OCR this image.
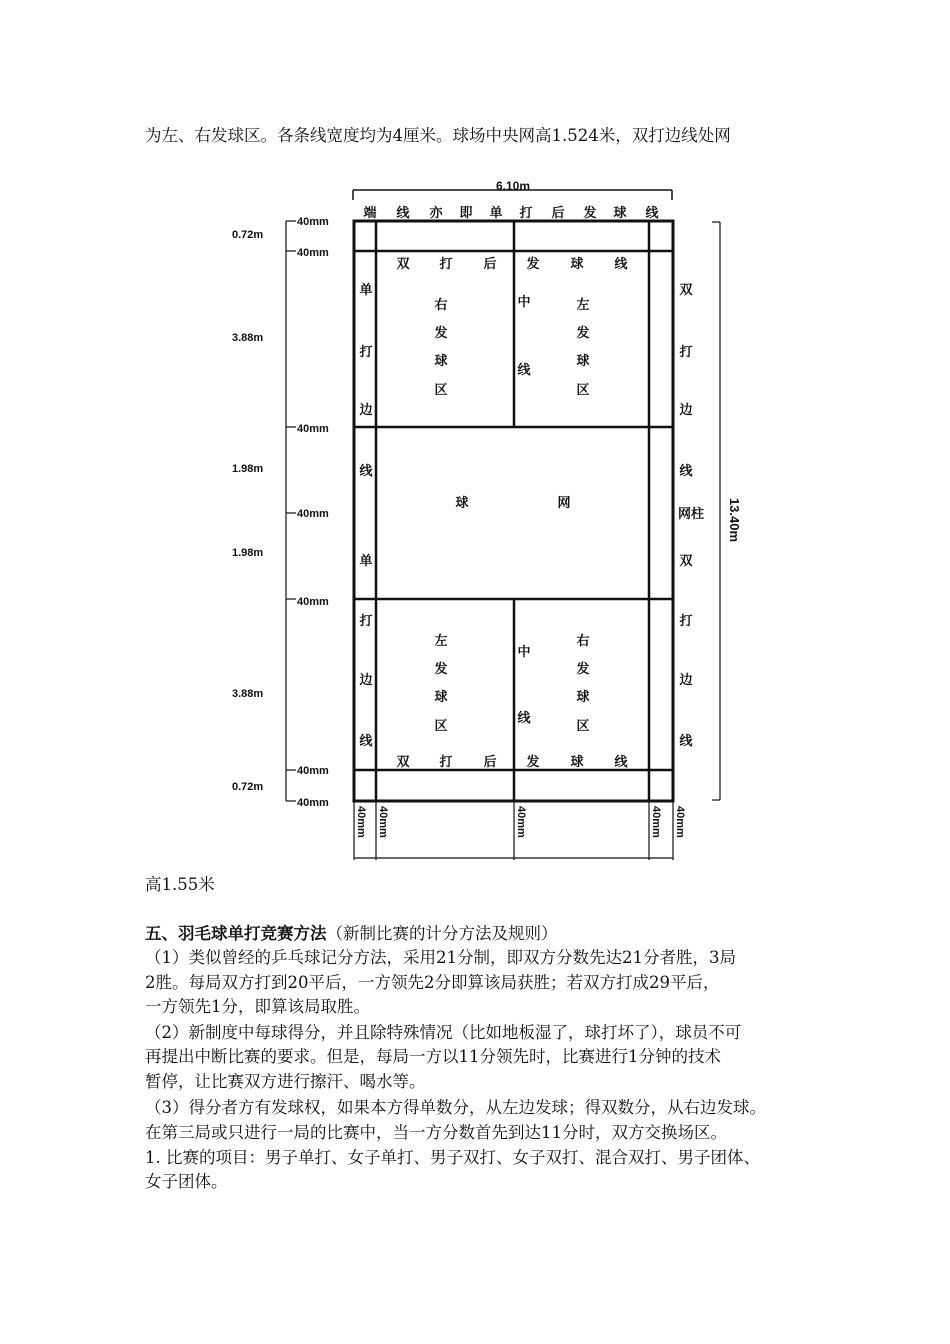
为左、右发球区。各条线宽度均为4厘米。球场中央网高1.524米，双打边线处网
6.10m
13.40m
0.72m
3.88m
1.98m
1.98m
3.88m
0.72m
40mm
40mm
40mm
40mm
40mm
40mm
40mm
40mm 40mm	40mm	40mm 40mm
端 线 亦 即 单 打 后 发 球 线
双 打 后 发 球 线
双 打 后 发 球 线
右
发
球
区
左
发
球
区
左
发
球
区
右
发
球
区
中
线
中
线
单
打
边
线
单
打
边
线
双
打
边
线
网柱
双
打
边
线
球	网
高1.55米
五、羽毛球单打竞赛方法（新制比赛的计分方法及规则）
（1）类似曾经的乒乓球记分方法，采用21分制，即双方分数先达21分者胜，3局
2胜。每局双方打到20平后，一方领先2分即算该局获胜；若双方打成29平后，
一方领先1分，即算该局取胜。
（2）新制度中每球得分，并且除特殊情况（比如地板湿了，球打坏了），球员不可
再提出中断比赛的要求。但是，每局一方以11分领先时，比赛进行1分钟的技术
暂停，让比赛双方进行擦汗、喝水等。
（3）得分者方有发球权，如果本方得单数分，从左边发球；得双数分，从右边发球。
在第三局或只进行一局的比赛中，当一方分数首先到达11分时，双方交换场区。
1. 比赛的项目：男子单打、女子单打、男子双打、女子双打、混合双打、男子团体、
女子团体。
